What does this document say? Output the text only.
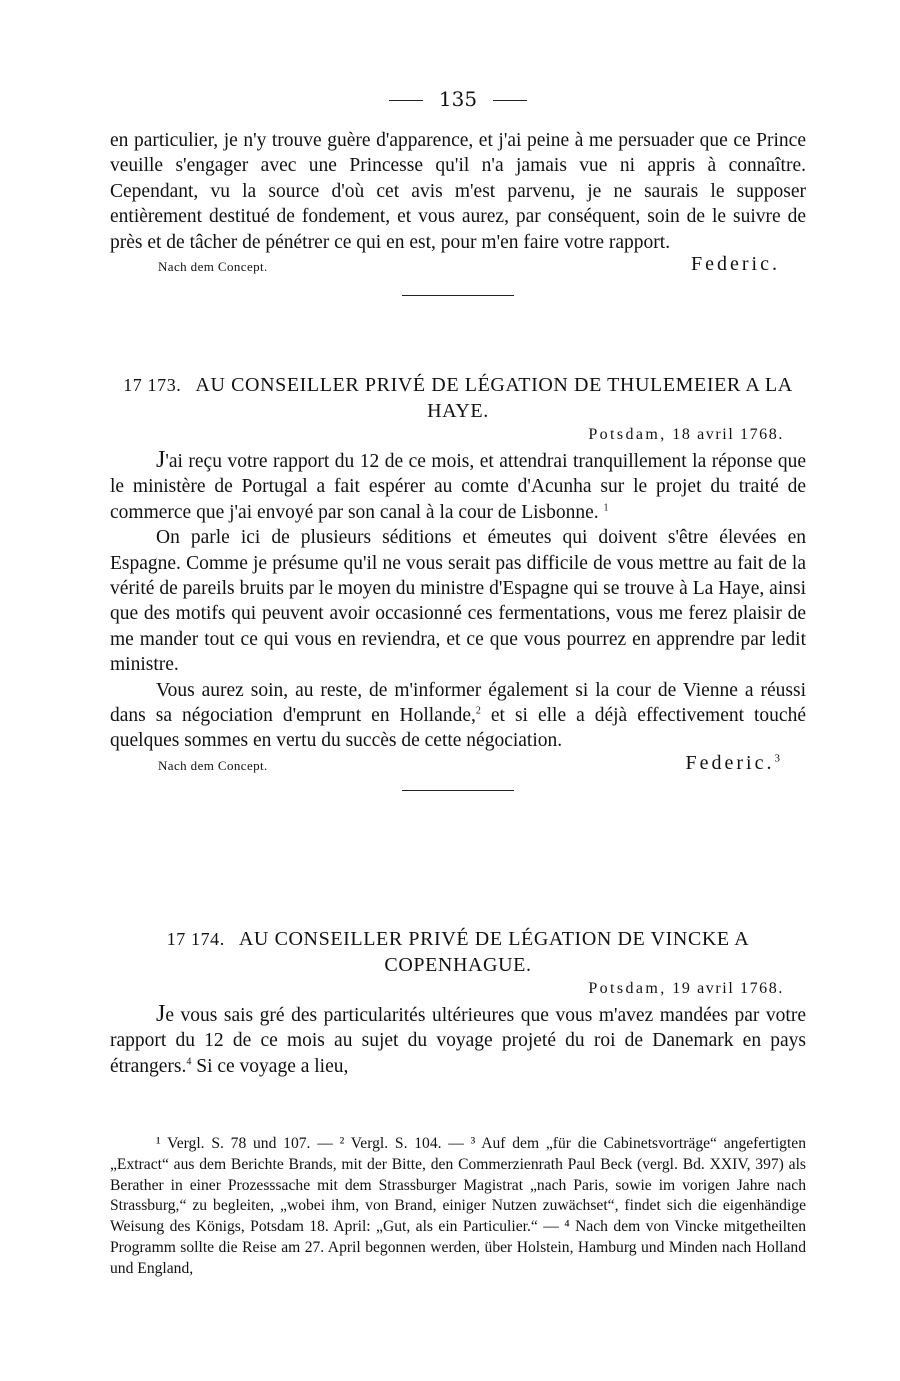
135

en particulier, je n'y trouve guère d'apparence, et j'ai peine à me persuader que ce Prince veuille s'engager avec une Princesse qu'il n'a jamais vue ni appris à connaître. Cependant, vu la source d'où cet avis m'est parvenu, je ne saurais le supposer entièrement destitué de fondement, et vous aurez, par conséquent, soin de le suivre de près et de tâcher de pénétrer ce qui en est, pour m'en faire votre rapport.

Nach dem Concept.	Federic.

17 173. AU CONSEILLER PRIVÉ DE LÉGATION DE THULEMEIER A LA HAYE.

Potsdam, 18 avril 1768.

J'ai reçu votre rapport du 12 de ce mois, et attendrai tranquillement la réponse que le ministère de Portugal a fait espérer au comte d'Acunha sur le projet du traité de commerce que j'ai envoyé par son canal à la cour de Lisbonne. $^1$

On parle ici de plusieurs séditions et émeutes qui doivent s'être élevées en Espagne. Comme je présume qu'il ne vous serait pas difficile de vous mettre au fait de la vérité de pareils bruits par le moyen du ministre d'Espagne qui se trouve à La Haye, ainsi que des motifs qui peuvent avoir occasionné ces fermentations, vous me ferez plaisir de me mander tout ce qui vous en reviendra, et ce que vous pourrez en apprendre par ledit ministre.

Vous aurez soin, au reste, de m'informer également si la cour de Vienne a réussi dans sa négociation d'emprunt en Hollande,$^2$ et si elle a déjà effectivement touché quelques sommes en vertu du succès de cette négociation.

Nach dem Concept.	Federic.$^3$

17 174. AU CONSEILLER PRIVÉ DE LÉGATION DE VINCKE A COPENHAGUE.

Potsdam, 19 avril 1768.

Je vous sais gré des particularités ultérieures que vous m'avez mandées par votre rapport du 12 de ce mois au sujet du voyage projeté du roi de Danemark en pays étrangers.$^4$ Si ce voyage a lieu,

¹ Vergl. S. 78 und 107. — ² Vergl. S. 104. — ³ Auf dem „für die Cabinetsvorträge“ angefertigten „Extract“ aus dem Berichte Brands, mit der Bitte, den Commerzienrath Paul Beck (vergl. Bd. XXIV, 397) als Berather in einer Prozesssache mit dem Strassburger Magistrat „nach Paris, sowie im vorigen Jahre nach Strassburg,“ zu begleiten, „wobei ihm, von Brand, einiger Nutzen zuwächset“, findet sich die eigenhändige Weisung des Königs, Potsdam 18. April: „Gut, als ein Particulier.“ — ⁴ Nach dem von Vincke mitgetheilten Programm sollte die Reise am 27. April begonnen werden, über Holstein, Hamburg und Minden nach Holland und England,
